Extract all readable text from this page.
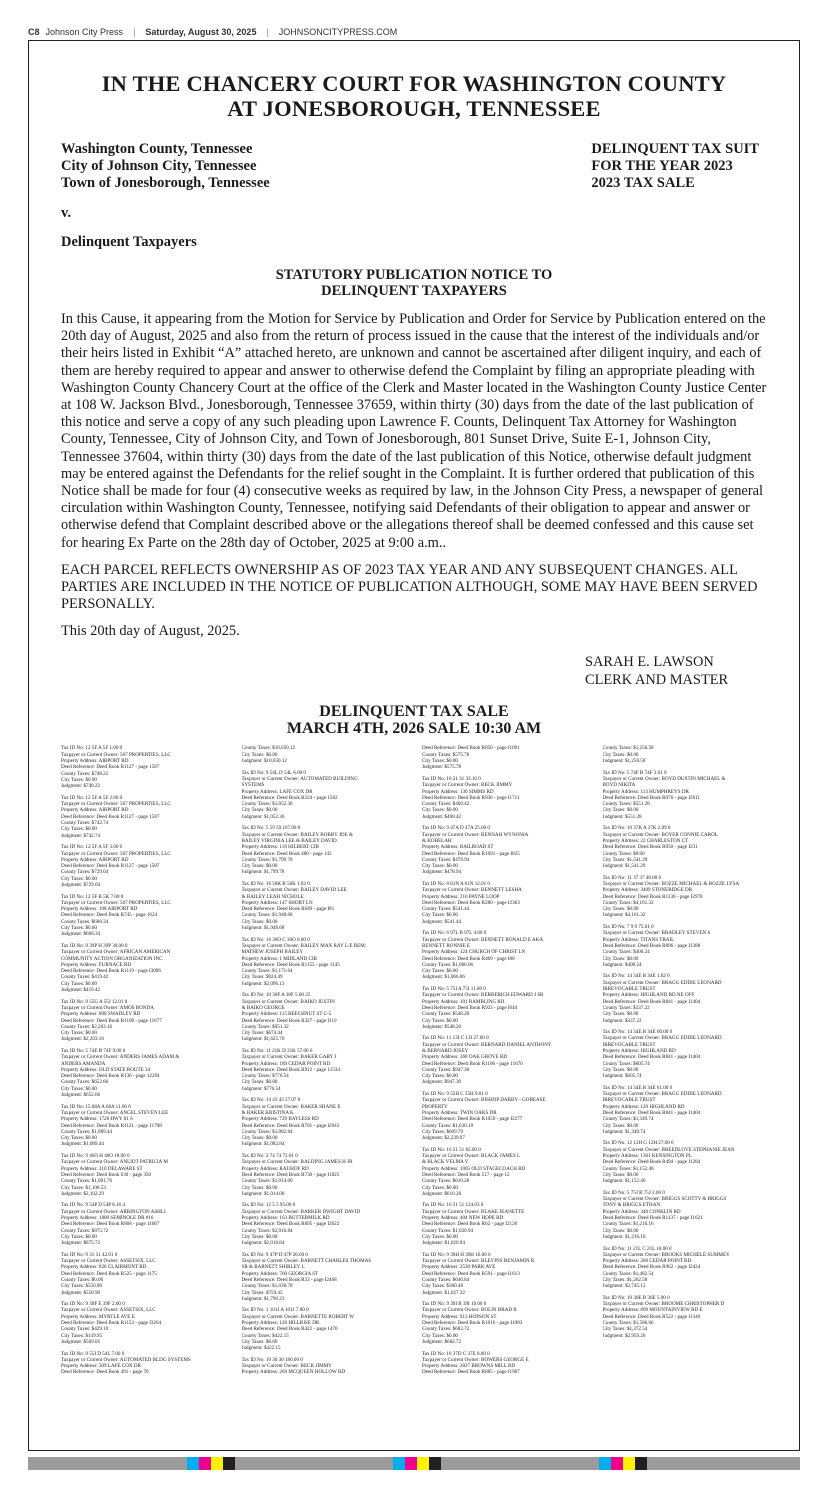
C8 Johnson City Press | Saturday, August 30, 2025 | JOHNSONCITYPRESS.COM
IN THE CHANCERY COURT FOR WASHINGTON COUNTY
AT JONESBOROUGH, TENNESSEE
Washington County, Tennessee
City of Johnson City, Tennessee
Town of Jonesborough, Tennessee
DELINQUENT TAX SUIT
FOR THE YEAR 2023
2023 TAX SALE
v.
Delinquent Taxpayers
STATUTORY PUBLICATION NOTICE TO
DELINQUENT TAXPAYERS

In this Cause, it appearing from the Motion for Service by Publication and Order for Service by Publication entered on the 20th day of August, 2025 and also from the return of process issued in the cause that the interest of the individuals and/or their heirs listed in Exhibit “A” attached hereto, are unknown and cannot be ascertained after diligent inquiry, and each of them are hereby required to appear and answer to otherwise defend the Complaint by filing an appropriate pleading with Washington County Chancery Court at the office of the Clerk and Master located in the Washington County Justice Center at 108 W. Jackson Blvd., Jonesborough, Tennessee 37659, within thirty (30) days from the date of the last publication of this notice and serve a copy of any such pleading upon Lawrence F. Counts, Delinquent Tax Attorney for Washington County, Tennessee, City of Johnson City, and Town of Jonesborough, 801 Sunset Drive, Suite E-1, Johnson City, Tennessee 37604, within thirty (30) days from the date of the last publication of this Notice, otherwise default judgment may be entered against the Defendants for the relief sought in the Complaint. It is further ordered that publication of this Notice shall be made for four (4) consecutive weeks as required by law, in the Johnson City Press, a newspaper of general circulation within Washington County, Tennessee, notifying said Defendants of their obligation to appear and answer or otherwise defend that Complaint described above or the allegations thereof shall be deemed confessed and this cause set for hearing Ex Parte on the 28th day of October, 2025 at 9:00 a.m..

EACH PARCEL REFLECTS OWNERSHIP AS OF 2023 TAX YEAR AND ANY SUBSEQUENT CHANGES. ALL PARTIES ARE INCLUDED IN THE NOTICE OF PUBLICATION ALTHOUGH, SOME MAY HAVE BEEN SERVED PERSONALLY.

This 20th day of August, 2025.

SARAH E. LAWSON
CLERK AND MASTER
DELINQUENT TAX SALE
MARCH 4TH, 2026 SALE 10:30 AM
Tax ID No: 12 5F A 5F 1.00 0
Taxpayer or Current Owner: 567 PROPERTIES, LLC
Property Address: AIRPORT RD
Deed Reference: Deed Book R1127 - page 1587
County Taxes: $748.22
City Taxes: $0.00
Judgment: $748.22
Tax ID No: 12 5F A 5F 2.00 0
Taxpayer or Current Owner: 567 PROPERTIES, LLC
Property Address: AIRPORT RD
Deed Reference: Deed Book R1127 - page 1587
County Taxes: $742.74
City Taxes: $0.00
Judgment: $742.74
Tax ID No: 12 5F A 5F 3.00 0
Taxpayer or Current Owner: 567 PROPERTIES, LLC
Property Address: AIRPORT RD
Deed Reference: Deed Book R1127 - page 1587
County Taxes: $729.04
City Taxes: $0.00
Judgment: $729.04
Tax ID No: 12 5F B 5K 7.00 0
Taxpayer or Current Owner: 567 PROPERTIES, LLC
Property Address: 108 AIRPORT RD
Deed Reference: Deed Book R745 - page 1624
County Taxes: $608.34
City Taxes: $0.00
Judgment: $608.34
Tax ID No: 9 39P H 39P 30.00 0
Taxpayer or Current Owner: AFRICAN AMERICAN
COMMUNITY ACTION ORGANIZATION INC
Property Address: FURNACE RD
Deed Reference: Deed Book R1119 - page I3096
County Taxes: $419.42
City Taxes: $0.00
Judgment: $419.42
Tax ID No: 9 55G A 55J 12.01 0
Taxpayer or Current Owner: AMOS BONDA
Property Address: 808 SWADLEY RD
Deed Reference: Deed Book R1108 - page 11677
County Taxes: $2,203.16
City Taxes: $0.00
Judgment: $2,203.16
Tax ID No: 5 74E B 74F 9.00 0
Taxpayer or Current Owner: ANDERS JAMES ADAM &
ANDERS AMANDA
Property Address: OLD STATE ROUTE 34
Deed Reference: Deed Book R136 - page 12294
County Taxes: $652.66
City Taxes: $0.00
Judgment: $652.66
Tax ID No: 15 68A A 68A 11.00 0
Taxpayer or Current Owner: ANGEL STEVEN LEE
Property Address: 1728 HWY 81 S
Deed Reference: Deed Book R1121 - page 11798
County Taxes: $1,089.44
City Taxes: $0.00
Judgment: $1,089.44
Tax ID No: 9 46O H 46O 18.00 0
Taxpayer or Current Owner: ANLIOT PATRICIA M
Property Address: 310 DELAWARE ST
Deed Reference: Deed Book 630 - page 350
County Taxes: $1,001.76
City Taxes: $1,100.53
Judgment: $2,102.29
Tax ID No: 9 54P D 54P 6.16 4
Taxpayer or Current Owner: ARRINGTON ASHLI
Property Address: 1800 SEMINOLE DR #16
Deed Reference: Deed Book R868 - page 11087
County Taxes: $875.72
City Taxes: $0.00
Judgment: $875.72
Tax ID No: 9 31 31 42.01 0
Taxpayer or Current Owner: ASSETSIX, LLC
Property Address: 828 CLAIRMONT RD
Deed Reference: Deed Book R525 - page 1175
County Taxes: $0.00
City Taxes: $550.90
Judgment: $550.90
Tax ID No: 9 39F E 39F 2.00 0
Taxpayer or Current Owner: ASSETSIX, LLC
Property Address: MYRTLE AVE E
Deed Reference: Deed Book R1153 - page I3264
County Taxes: $429.10
City Taxes: $139.95
Judgment: $569.05
Tax ID No: 9 55I D 54L 7.00 0
Taxpayer or Current Owner: AUTOMATED BLDG SYSTEMS
Property Address: 309 LAFE COX DR
Deed Reference: Deed Book 491 - page 70
County Taxes: $10,650.12
City Taxes: $0.00
Judgment: $10,650.12
Tax ID No: 9 54L D 54L 6.00 0
Taxpayer or Current Owner: AUTOMATED BUILDING
SYSTEMS
Property Address: LAFE COX DR
Deed Reference: Deed Book R224 - page 1582
County Taxes: $1,052.36
City Taxes: $0.00
Judgment: $1,052.36
Tax ID No: 5 59 59 167.00 0
Taxpayer or Current Owner: BAILEY BOBBY JOE &
BAILEY VIRGINIA LEE & BAILEY DAVID
Property Address: 118 HILBERT CIR
Deed Reference: Deed Book 480 - page 143
County Taxes: $1,799.78
City Taxes: $0.00
Judgment: $1,799.78
Tax ID No: 16 58K B 58K 1.02 0
Taxpayer or Current Owner: BAILEY DAVID LEE
& BAILEY LEAH NICHOLE
Property Address: 147 SHORT LN
Deed Reference: Deed Book R649 - page I81
County Taxes: $1,948.68
City Taxes: $0.00
Judgment: $1,948.68
Tax ID No: 10 30O C 30O 6.00 0
Taxpayer or Current Owner: BAILEY MAX RAY L/E REM:
MATHEW JOSEPH BAILEY
Property Address: 1 MIDLAND CIR
Deed Reference: Deed Book R1155 - page 1145
County Taxes: $1,171.64
City Taxes: $924.49
Judgment: $2,096.13
Tax ID No: 10 30F A 30F 5.00 25
Taxpayer or Current Owner: BAIKO JUSTIN
& BAIKO GEORGE
Property Address: 115 BEECHNUT ST C-5
Deed Reference: Deed Book R327 - page I110
County Taxes: $951.32
City Taxes: $674.44
Judgment: $1,625.76
Tax ID No: 11 21K D 21K 57.00 0
Taxpayer or Current Owner: BAKER GARY J
Property Address: 189 CEDAR POINT RD
Deed Reference: Deed Book R912 - page 11534
County Taxes: $776.54
City Taxes: $0.00
Judgment: $776.54
Tax ID No: 14 43 43 57.07 0
Taxpayer or Current Owner: BAKER SHANE E
& BAKER KRISTINA K
Property Address: 729 BAYLESS RD
Deed Reference: Deed Book R701 - page I2043
County Taxes: $1,082.84
City Taxes: $0.00
Judgment: $1,082.84
Tax ID No: 3 74 74 72.01 0
Taxpayer or Current Owner: BALDING JAMES H JR
Property Address: RAUHOF RD
Deed Reference: Deed Book R730 - page I1825
County Taxes: $1,014.00
City Taxes: $0.00
Judgment: $1,014.00
Tax ID No: 12 5 5 95.00 0
Taxpayer or Current Owner: BARKER DWIGHT DAVID
Property Address: 163 BUTTERMILK RD
Deed Reference: Deed Book R895 - page I2622
County Taxes: $2,016.84
City Taxes: $0.00
Judgment: $2,016.84
Tax ID No: 9 47P D 47P 26.00 0
Taxpayer or Current Owner: BARNETT CHARLES THOMAS
SR & BARNETT SHIRLEY L
Property Address: 760 GEORGIA ST
Deed Reference: Deed Book R33 - page I2468
County Taxes: $1,030.78
City Taxes: $759.45
Judgment: $1,790.23
Tax ID No: 1 101J A 101J 7.00 0
Taxpayer or Current Owner: BARNETTE ROBERT W
Property Address: 126 HILLRISE DR
Deed Reference: Deed Book R422 - page 1470
County Taxes: $422.15
City Taxes: $0.00
Judgment: $422.15
Tax ID No: 10 30 30 180.00 0
Taxpayer or Current Owner: BECK JIMMY
Property Address: 269 MCQUEEN HOLLOW RD
Deed Reference: Deed Book R850 - page I1091
County Taxes: $575.78
City Taxes: $0.00
Judgment: $575.78
Tax ID No: 10 31 31 33.10 0
Taxpayer or Current Owner: BECK JIMMY
Property Address: 130 SIMMS RD
Deed Reference: Deed Book R936 - page I1711
County Taxes: $400.42
City Taxes: $0.00
Judgment: $400.42
Tax ID No: 9 47A D 47A 25.00 0
Taxpayer or Current Owner: BENNAH WYNONIA
& KOBELAH
Property Address: RAILROAD ST
Deed Reference: Deed Book R1091 - page I825
County Taxes: $478.94
City Taxes: $0.00
Judgment: $478.94
Tax ID No: 8 61N A 61N 12.01 0
Taxpayer or Current Owner: BENNETT LESHA
Property Address: 216 PAYNE LOOP
Deed Reference: Deed Book R280 - page I2363
County Taxes: $541.44
City Taxes: $0.00
Judgment: $541.44
Tax ID No: 6 97L B 97L 4.00 0
Taxpayer or Current Owner: BENNETT RONALD E AKA
BENNETT RONNIE E
Property Address: 124 CHURCH OF CHRIST LN
Deed Reference: Deed Book R469 - page I88
County Taxes: $1,066.06
City Taxes: $0.00
Judgment: $1,066.06
Tax ID No: 5 75I A 75I 11.00 0
Taxpayer or Current Owner: BERBERICH EDWARD J SR
Property Address: 101 RAMBLING RD
Deed Reference: Deed Book R923 - page I644
County Taxes: $548.20
City Taxes: $0.00
Judgment: $548.20
Tax ID No: 11 13I C 13I 27.00 0
Taxpayer or Current Owner: BERNARD DANIEL ANTHONY
& BERNARD JOSEY
Property Address: 368 OAK GROVE RD
Deed Reference: Deed Book R1106 - page 11670
County Taxes: $947.30
City Taxes: $0.00
Judgment: $947.30
Tax ID No: 9 55H C 55H 9.01 0
Taxpayer or Current Owner: BISHOP DARBY - GOBEASE
PROPERTY
Property Address: TWIN OAKS DR
Deed Reference: Deed Book R1050 - page I2277
County Taxes: $1,630.18
City Taxes: $609.79
Judgment: $2,239.97
Tax ID No: 16 51 51 82.00 0
Taxpayer or Current Owner: BLACK JAMES L
& BLACK VELMA V
Property Address: 1005 OLD STAGECOACH RD
Deed Reference: Deed Book 517 - page 12
County Taxes: $610.28
City Taxes: $0.00
Judgment: $610.28
Tax ID No: 16 51 51 124.03 0
Taxpayer or Current Owner: BLAKE JEANETTE
Property Address: 404 NEW HOPE RD
Deed Reference: Deed Book R62 - page I2120
County Taxes: $1,020.94
City Taxes: $0.00
Judgment: $1,020.94
Tax ID No: 9 39H H 39H 16.00 0
Taxpayer or Current Owner: BLEVINS BENJAMIN R
Property Address: 2530 PARK AVE
Deed Reference: Deed Book R591 - page I1613
County Taxes: $646.84
City Taxes: $380.48
Judgment: $1,027.32
Tax ID No: 9 39I B 39I 10.00 0
Taxpayer or Current Owner: BOLIN BRAD B
Property Address: 913 HOPSON ST
Deed Reference: Deed Book R1016 - page I1083
County Taxes: $682.72
City Taxes: $0.00
Judgment: $682.72
Tax ID No: 10 37D C 37E 8.00 0
Taxpayer or Current Owner: BOWERS GEORGE E
Property Address: 2827 BROWNS MILL RD
Deed Reference: Deed Book R885 - page I1987
County Taxes: $1,256.58
City Taxes: $0.00
Judgment: $1,256.58
Tax ID No: 5 74F B 74F 3.01 0
Taxpayer or Current Owner: BOYD DUSTIN MICHAEL &
BOYD NIKITA
Property Address: 113 HUMPHREYS DR
Deed Reference: Deed Book R976 - page I2611
County Taxes: $551.28
City Taxes: $0.00
Judgment: $551.28
Tax ID No: 10 37K A 37K 2.09 0
Taxpayer or Current Owner: BOYER CONNIE CAROL
Property Address: 22 CHARLESTON CT
Deed Reference: Deed Book R950 - page I231
County Taxes: $0.00
City Taxes: $1,541.29
Judgment: $1,541.29
Tax ID No: 11 37 37 40.00 0
Taxpayer or Current Owner: BOZZE MICHAEL & BOZZE LYSA
Property Address: 3409 STONERIDGE DR
Deed Reference: Deed Book R1130 - page I2978
County Taxes: $4,161.32
City Taxes: $0.00
Judgment: $4,161.32
Tax ID No: 7 9 9 75.01 0
Taxpayer or Current Owner: BRADLEY STEVEN S
Property Address: TITANS TRAIL
Deed Reference: Deed Book R896 - page I1388
County Taxes: $400.24
City Taxes: $0.00
Judgment: $400.24
Tax ID No: 14 34E B 34E 1.02 0
Taxpayer or Current Owner: BRAGG EDDIE LEONARD
IRREVOCABLE TRUST
Property Address: HIGHLAND RD NE OFF
Deed Reference: Deed Book R841 - page I1404
County Taxes: $337.22
City Taxes: $0.00
Judgment: $337.22
Tax ID No: 14 34E B 34E 60.00 0
Taxpayer or Current Owner: BRAGG EDDIE LEONARD
IRREVOCABLE TRUST
Property Address: HIGHLAND RD
Deed Reference: Deed Book R841 - page I1404
County Taxes: $605.74
City Taxes: $0.00
Judgment: $605.74
Tax ID No: 14 34E B 34E 61.00 0
Taxpayer or Current Owner: BRAGG EDDIE LEONARD
IRREVOCABLE TRUST
Property Address: 120 HIGHLAND RD
Deed Reference: Deed Book R841 - page I1404
County Taxes: $1,349.74
City Taxes: $0.00
Judgment: $1,349.74
Tax ID No: 12 12H G 12H 27.00 0
Taxpayer or Current Owner: BREEDLOVE STEPHANIE JEAN
Property Address: 1301 KENSINGTON PL
Deed Reference: Deed Book R494 - page I1284
County Taxes: $1,152.46
City Taxes: $0.00
Judgment: $1,152.46
Tax ID No: 5 75J B 75J 2.00 0
Taxpayer or Current Owner: BRIGGS SCOTTY & BRIGGS
TONY & BRIGGS ETHAN
Property Address: 340 CONKLIN RD
Deed Reference: Deed Book R1137 - page I1621
County Taxes: $1,216.16
City Taxes: $0.00
Judgment: $1,216.16
Tax ID No: 11 21L C 21L 18.00 0
Taxpayer or Current Owner: BROOKS MICHELE SUMMEY
Property Address: 260 CEDAR POINT RD
Deed Reference: Deed Book R962 - page I2424
County Taxes: $1,482.54
City Taxes: $1,262.58
Judgment: $2,745.12
Tax ID No: 10 30E B 30E 5.00 0
Taxpayer or Current Owner: BROOME CHRISTOPHER D
Property Address: 809 MOUNTAINVIEW RD E
Deed Reference: Deed Book R522 - page I1346
County Taxes: $1,586.66
City Taxes: $1,372.54
Judgment: $2,959.20
